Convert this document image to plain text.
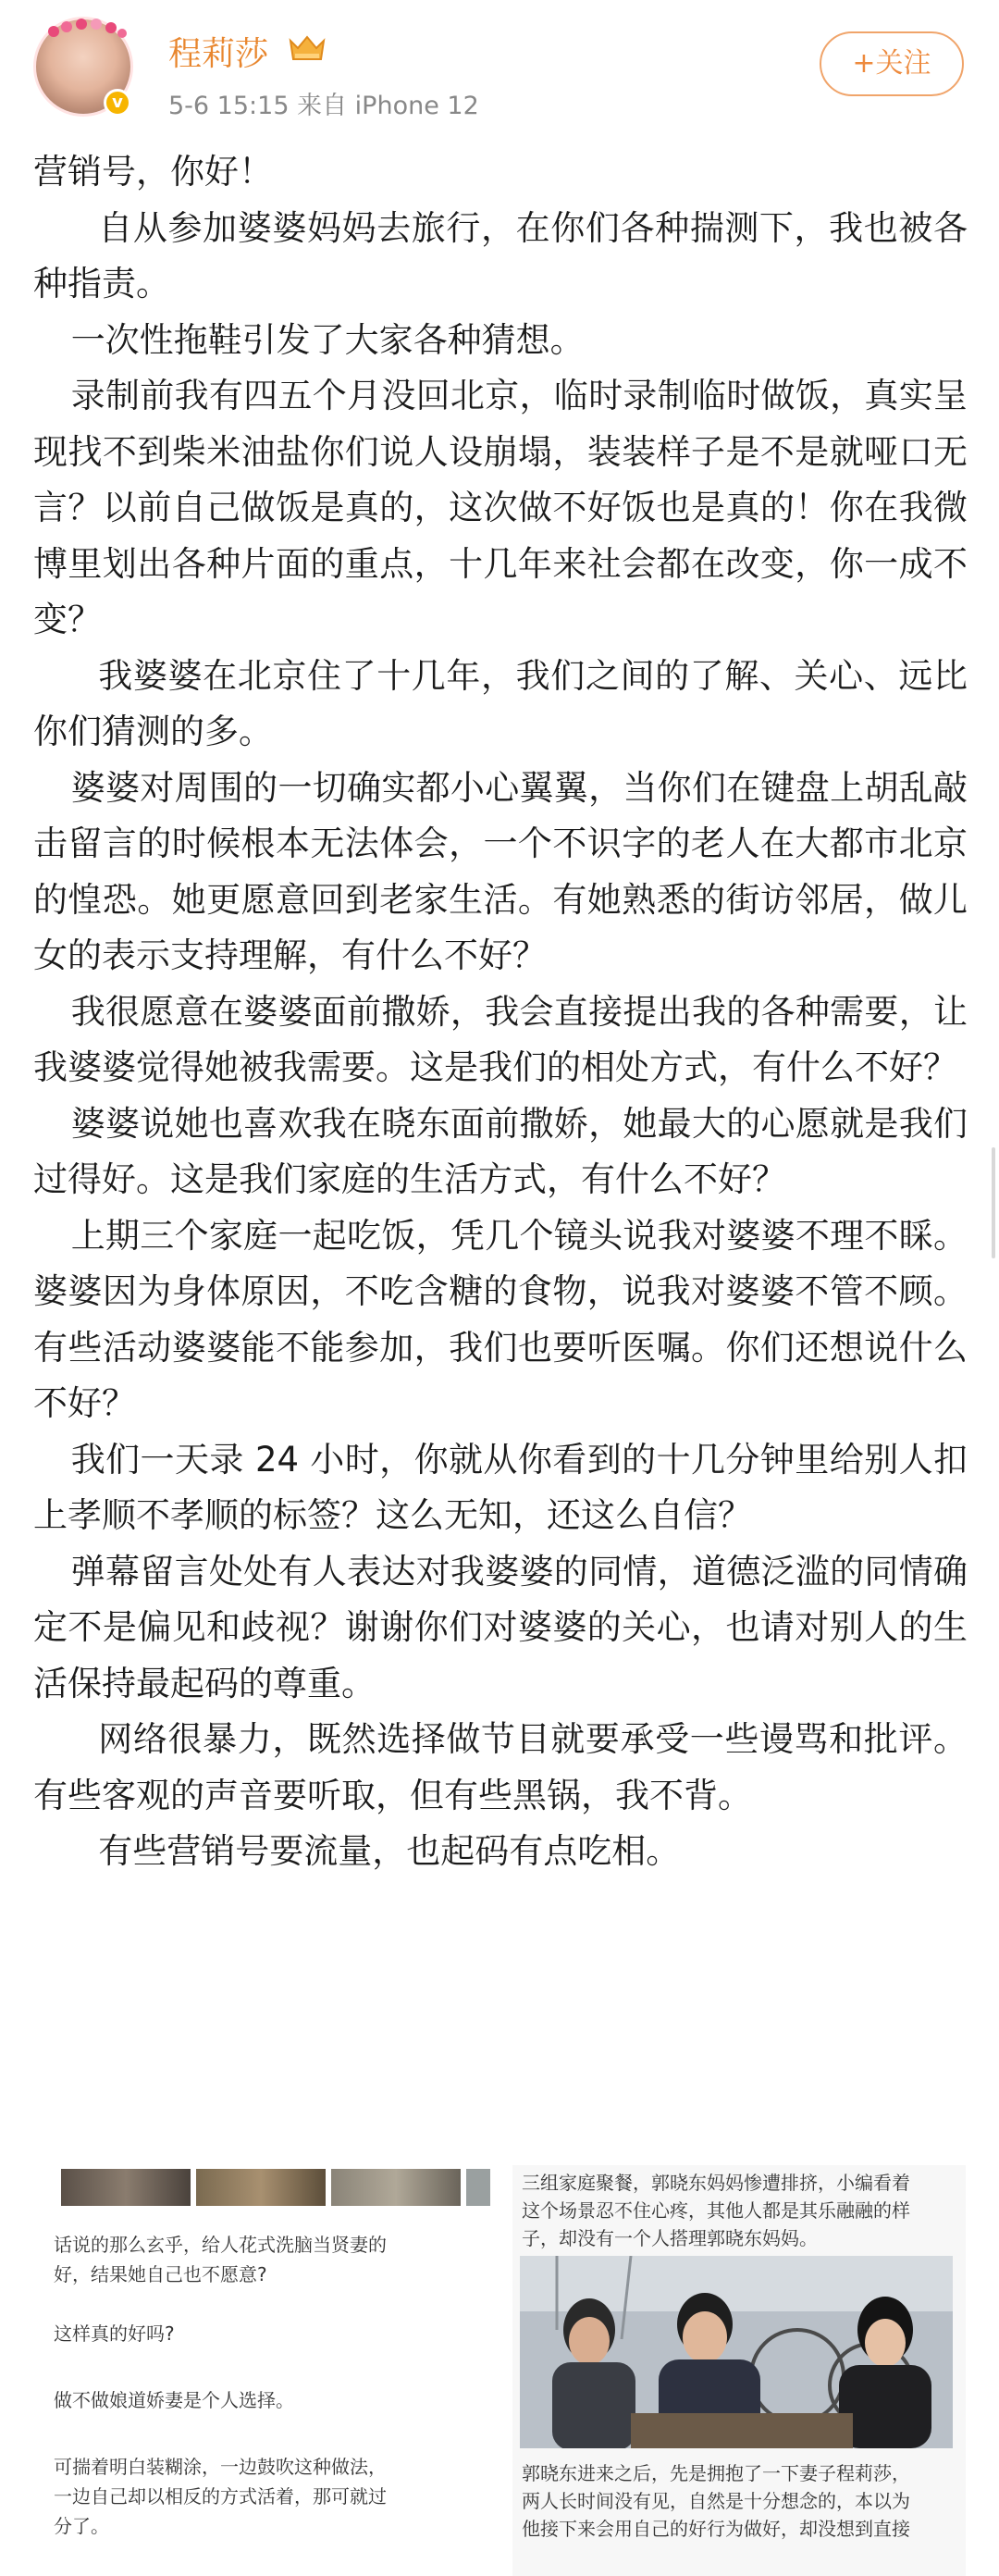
v
程莉莎
5-6 15:15 来自 iPhone 12
+关注

营销号，你好！

自从参加婆婆妈妈去旅行，在你们各种揣测下，我也被各种指责。

一次性拖鞋引发了大家各种猜想。

录制前我有四五个月没回北京，临时录制临时做饭，真实呈现找不到柴米油盐你们说人设崩塌，装装样子是不是就哑口无言？以前自己做饭是真的，这次做不好饭也是真的！你在我微博里划出各种片面的重点，十几年来社会都在改变，你一成不变？

我婆婆在北京住了十几年，我们之间的了解、关心、远比你们猜测的多。

婆婆对周围的一切确实都小心翼翼，当你们在键盘上胡乱敲击留言的时候根本无法体会，一个不识字的老人在大都市北京的惶恐。她更愿意回到老家生活。有她熟悉的街访邻居，做儿女的表示支持理解，有什么不好？

我很愿意在婆婆面前撒娇，我会直接提出我的各种需要，让我婆婆觉得她被我需要。这是我们的相处方式，有什么不好？

婆婆说她也喜欢我在晓东面前撒娇，她最大的心愿就是我们过得好。这是我们家庭的生活方式，有什么不好？

上期三个家庭一起吃饭，凭几个镜头说我对婆婆不理不睬。婆婆因为身体原因，不吃含糖的食物，说我对婆婆不管不顾。有些活动婆婆能不能参加，我们也要听医嘱。你们还想说什么不好？

我们一天录 24 小时，你就从你看到的十几分钟里给别人扣上孝顺不孝顺的标签？这么无知，还这么自信？

弹幕留言处处有人表达对我婆婆的同情，道德泛滥的同情确定不是偏见和歧视？谢谢你们对婆婆的关心，也请对别人的生活保持最起码的尊重。

网络很暴力，既然选择做节目就要承受一些谩骂和批评。有些客观的声音要听取，但有些黑锅，我不背。

有些营销号要流量，也起码有点吃相。

话说的那么玄乎，给人花式洗脑当贤妻的
好，结果她自己也不愿意?
这样真的好吗?
做不做娘道娇妻是个人选择。
可揣着明白装糊涂，一边鼓吹这种做法，
一边自己却以相反的方式活着，那可就过
分了。
三组家庭聚餐，郭晓东妈妈惨遭排挤，小编看着
这个场景忍不住心疼，其他人都是其乐融融的样
子，却没有一个人搭理郭晓东妈妈。
郭晓东进来之后，先是拥抱了一下妻子程莉莎，
两人长时间没有见，自然是十分想念的，本以为
他接下来会用自己的好行为做好，却没想到直接
